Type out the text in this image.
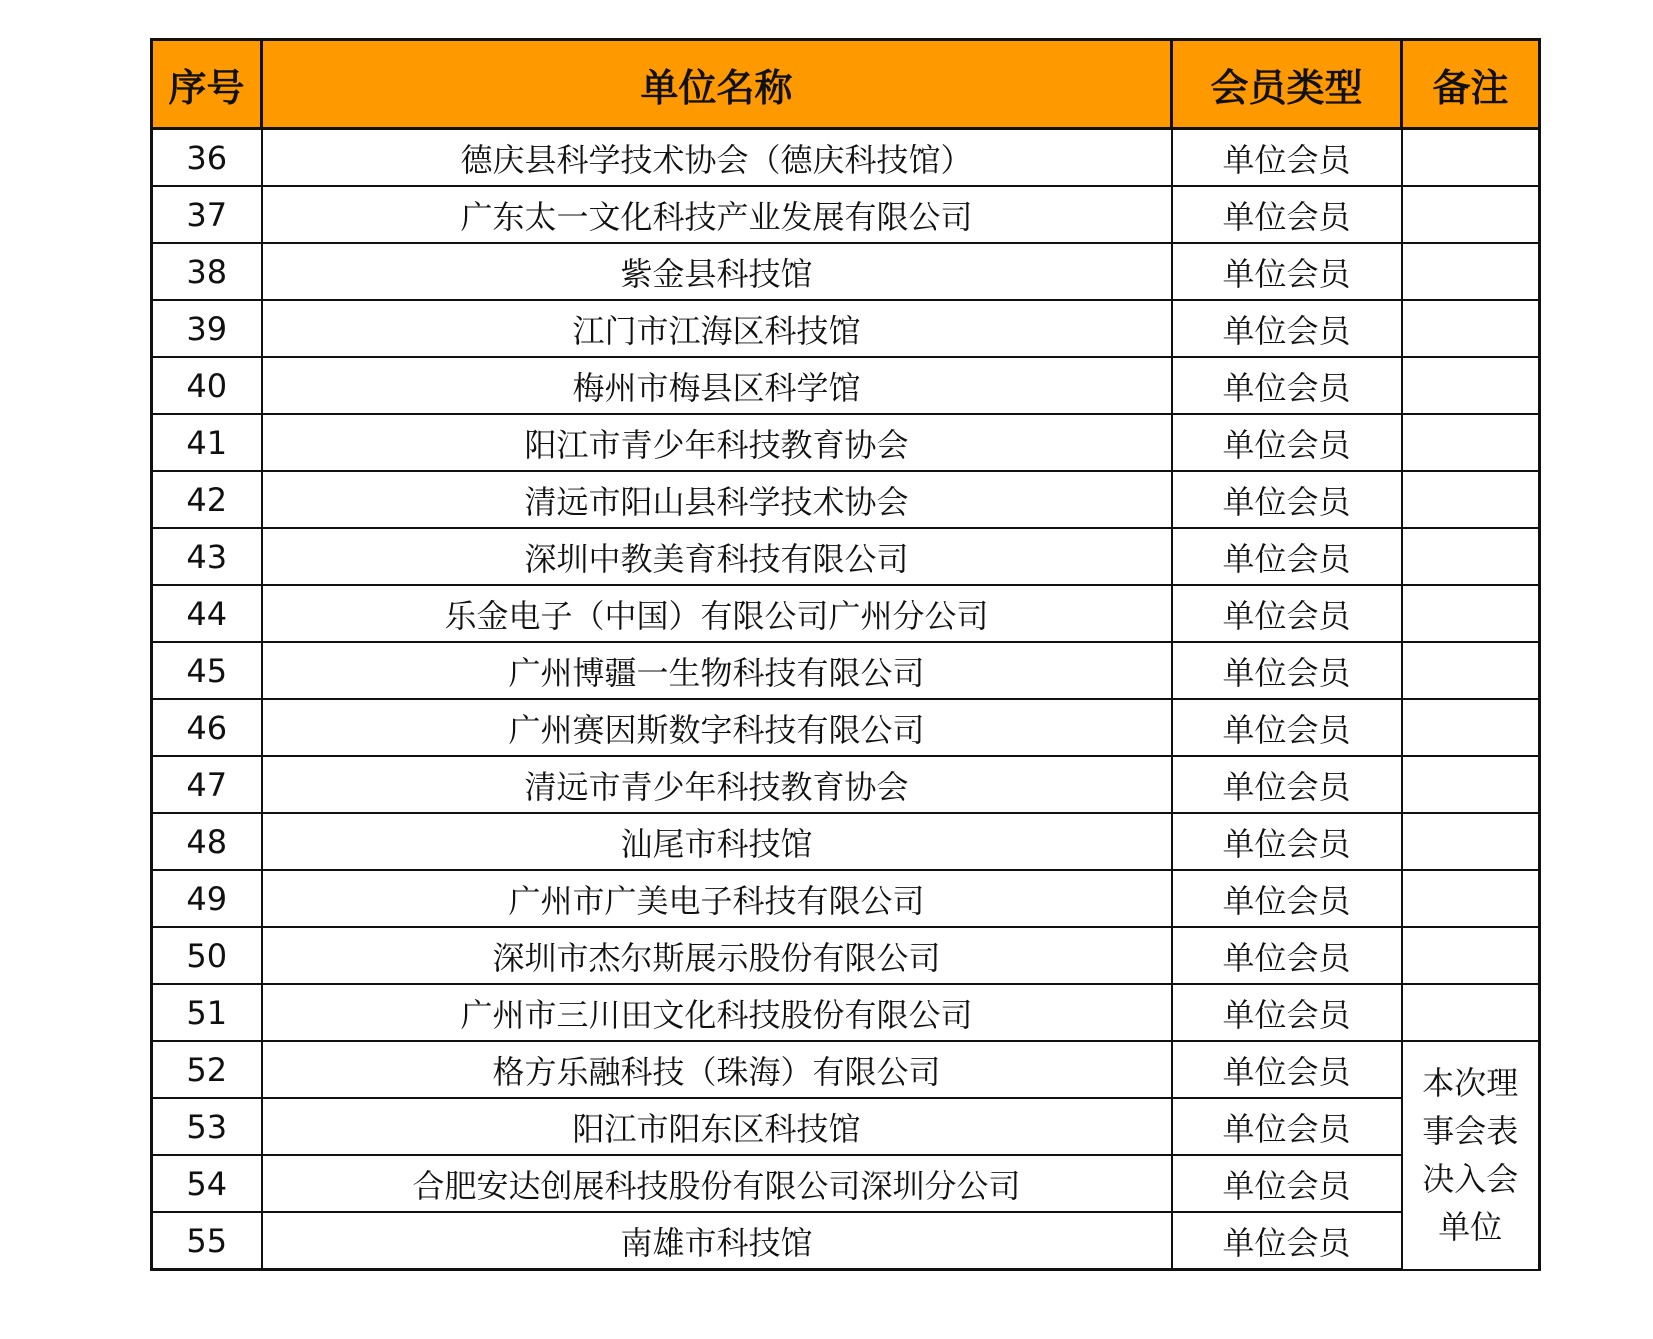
序号	单位名称	会员类型	备注
36	德庆县科学技术协会（德庆科技馆）	单位会员	
37	广东太一文化科技产业发展有限公司	单位会员	
38	紫金县科技馆	单位会员	
39	江门市江海区科技馆	单位会员	
40	梅州市梅县区科学馆	单位会员	
41	阳江市青少年科技教育协会	单位会员	
42	清远市阳山县科学技术协会	单位会员	
43	深圳中教美育科技有限公司	单位会员	
44	乐金电子（中国）有限公司广州分公司	单位会员	
45	广州博疆一生物科技有限公司	单位会员	
46	广州赛因斯数字科技有限公司	单位会员	
47	清远市青少年科技教育协会	单位会员	
48	汕尾市科技馆	单位会员	
49	广州市广美电子科技有限公司	单位会员	
50	深圳市杰尔斯展示股份有限公司	单位会员	
51	广州市三川田文化科技股份有限公司	单位会员	
52	格方乐融科技（珠海）有限公司	单位会员	本次理
事会表
决入会
单位

53	阳江市阳东区科技馆	单位会员	
54	合肥安达创展科技股份有限公司深圳分公司	单位会员	
55	南雄市科技馆	单位会员	
